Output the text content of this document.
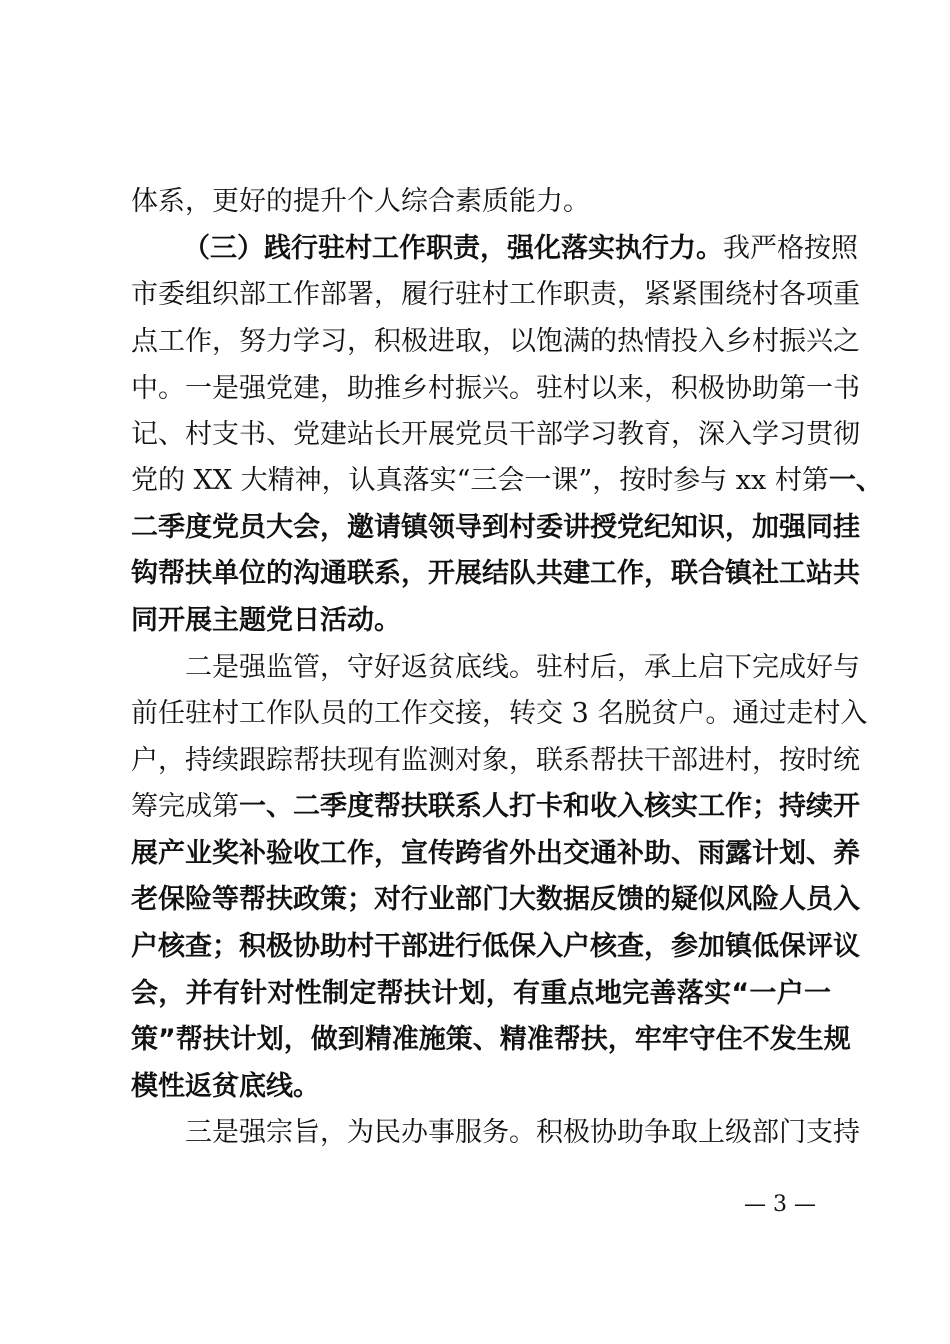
体系，更好的提升个人综合素质能力。
（三）践行驻村工作职责，强化落实执行力。我严格按照
市委组织部工作部署，履行驻村工作职责，紧紧围绕村各项重
点工作，努力学习，积极进取，以饱满的热情投入乡村振兴之
中。一是强党建，助推乡村振兴。驻村以来，积极协助第一书
记、村支书、党建站长开展党员干部学习教育，深入学习贯彻
党的 XX 大精神，认真落实“三会一课”，按时参与 xx 村第一、
二季度党员大会，邀请镇领导到村委讲授党纪知识，加强同挂
钩帮扶单位的沟通联系，开展结队共建工作，联合镇社工站共
同开展主题党日活动。
二是强监管，守好返贫底线。驻村后，承上启下完成好与
前任驻村工作队员的工作交接，转交 3 名脱贫户。通过走村入
户，持续跟踪帮扶现有监测对象，联系帮扶干部进村，按时统
筹完成第一、二季度帮扶联系人打卡和收入核实工作；持续开
展产业奖补验收工作，宣传跨省外出交通补助、雨露计划、养
老保险等帮扶政策；对行业部门大数据反馈的疑似风险人员入
户核查；积极协助村干部进行低保入户核查，参加镇低保评议
会，并有针对性制定帮扶计划，有重点地完善落实“一户一
策”帮扶计划，做到精准施策、精准帮扶，牢牢守住不发生规
模性返贫底线。
三是强宗旨，为民办事服务。积极协助争取上级部门支持
— 3 —
